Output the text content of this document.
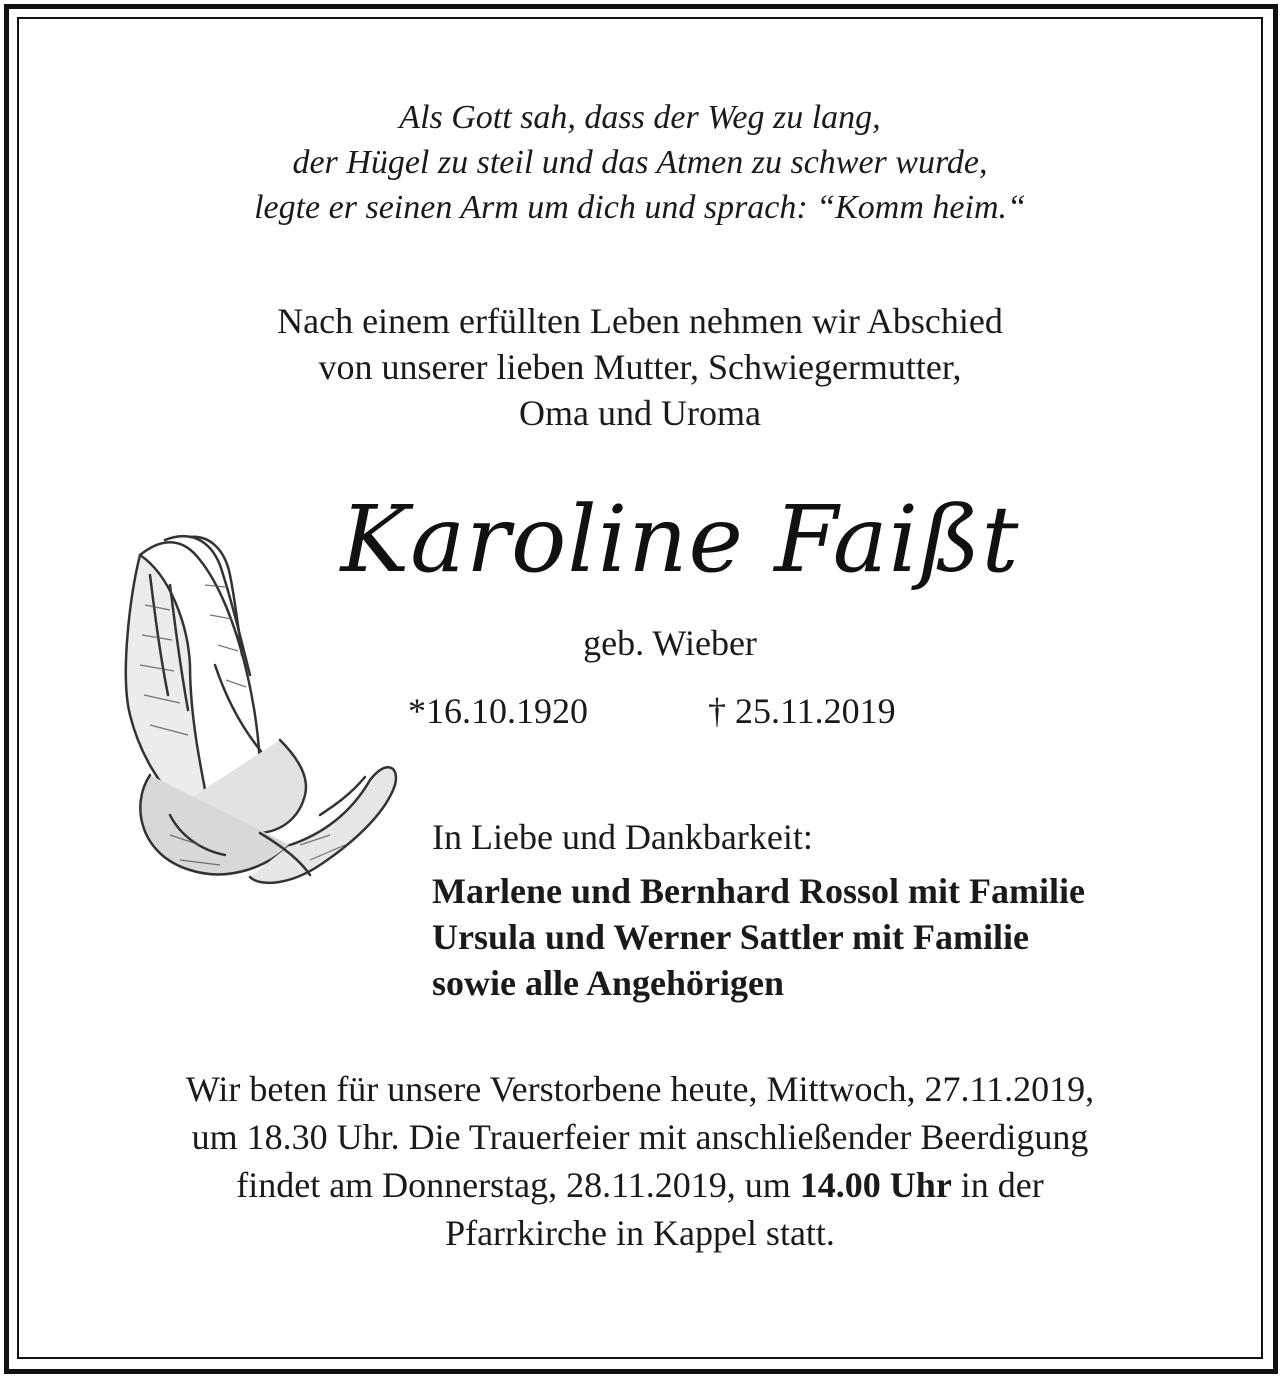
Als Gott sah, dass der Weg zu lang,
der Hügel zu steil und das Atmen zu schwer wurde,
legte er seinen Arm um dich und sprach: “Komm heim.“
Nach einem erfüllten Leben nehmen wir Abschied
von unserer lieben Mutter, Schwiegermutter,
Oma und Uroma
Karoline Faißt
geb. Wieber
*16.10.1920	† 25.11.2019
In Liebe und Dankbarkeit:
Marlene und Bernhard Rossol mit Familie
Ursula und Werner Sattler mit Familie
sowie alle Angehörigen
Wir beten für unsere Verstorbene heute, Mittwoch, 27.11.2019,
um 18.30 Uhr. Die Trauerfeier mit anschließender Beerdigung
findet am Donnerstag, 28.11.2019, um 14.00 Uhr in der
Pfarrkirche in Kappel statt.
